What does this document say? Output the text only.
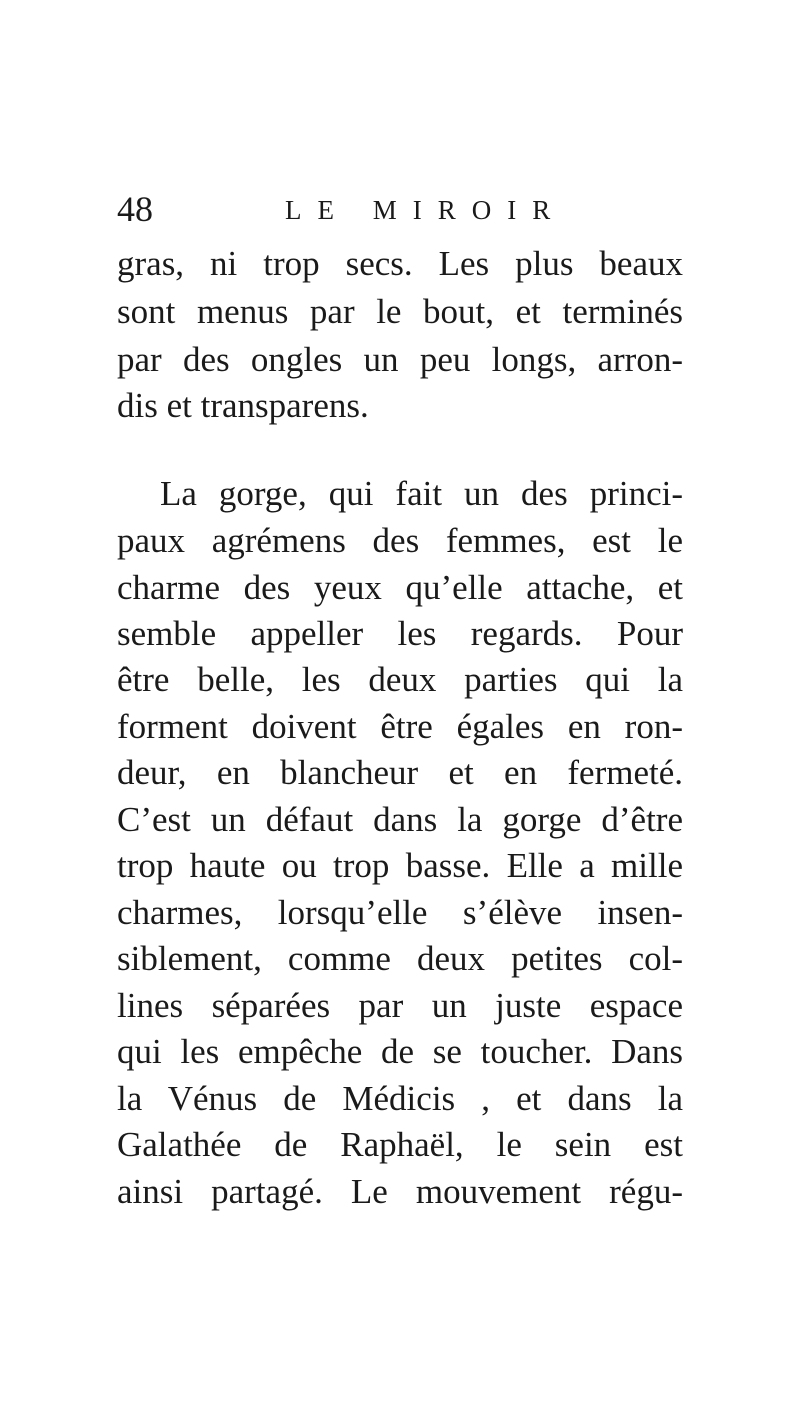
48	LE MIROIR
gras, ni trop secs. Les plus beaux
sont menus par le bout, et terminés
par des ongles un peu longs, arron-
dis et transparens.
La gorge, qui fait un des princi-
paux agrémens des femmes, est le
charme des yeux qu’elle attache, et
semble appeller les regards. Pour
être belle, les deux parties qui la
forment doivent être égales en ron-
deur, en blancheur et en fermeté.
C’est un défaut dans la gorge d’être
trop haute ou trop basse. Elle a mille
charmes, lorsqu’elle s’élève insen-
siblement, comme deux petites col-
lines séparées par un juste espace
qui les empêche de se toucher. Dans
la Vénus de Médicis , et dans la
Galathée de Raphaël, le sein est
ainsi partagé. Le mouvement régu-
